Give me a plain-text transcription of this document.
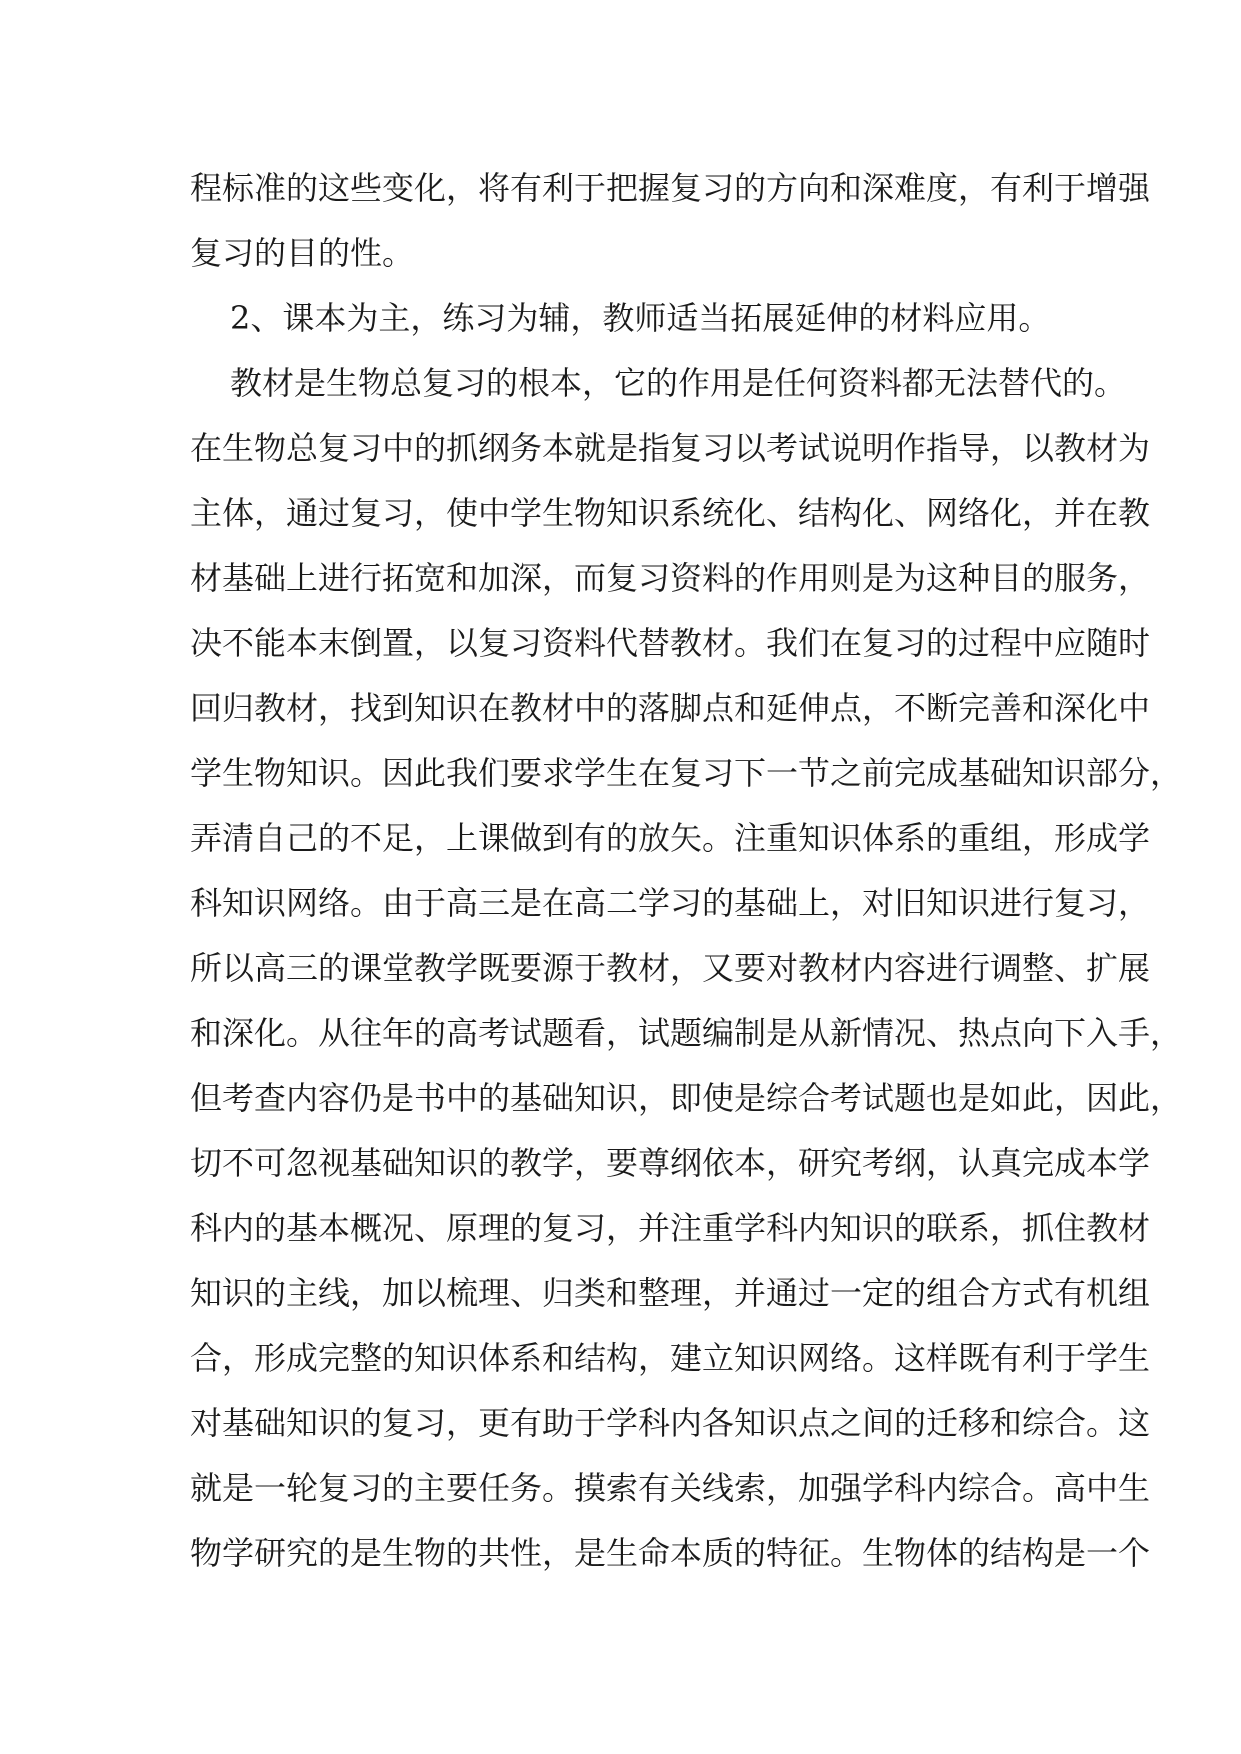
程标准的这些变化，将有利于把握复习的方向和深难度，有利于增强
复习的目的性。
2、课本为主，练习为辅，教师适当拓展延伸的材料应用。
教材是生物总复习的根本，它的作用是任何资料都无法替代的。
在生物总复习中的抓纲务本就是指复习以考试说明作指导，以教材为
主体，通过复习，使中学生物知识系统化、结构化、网络化，并在教
材基础上进行拓宽和加深，而复习资料的作用则是为这种目的服务，
决不能本末倒置，以复习资料代替教材。我们在复习的过程中应随时
回归教材，找到知识在教材中的落脚点和延伸点，不断完善和深化中
学生物知识。因此我们要求学生在复习下一节之前完成基础知识部分，
弄清自己的不足，上课做到有的放矢。注重知识体系的重组，形成学
科知识网络。由于高三是在高二学习的基础上，对旧知识进行复习，
所以高三的课堂教学既要源于教材，又要对教材内容进行调整、扩展
和深化。从往年的高考试题看，试题编制是从新情况、热点向下入手，
但考查内容仍是书中的基础知识，即使是综合考试题也是如此，因此，
切不可忽视基础知识的教学，要尊纲依本，研究考纲，认真完成本学
科内的基本概况、原理的复习，并注重学科内知识的联系，抓住教材
知识的主线，加以梳理、归类和整理，并通过一定的组合方式有机组
合，形成完整的知识体系和结构，建立知识网络。这样既有利于学生
对基础知识的复习，更有助于学科内各知识点之间的迁移和综合。这
就是一轮复习的主要任务。摸索有关线索，加强学科内综合。高中生
物学研究的是生物的共性，是生命本质的特征。生物体的结构是一个
